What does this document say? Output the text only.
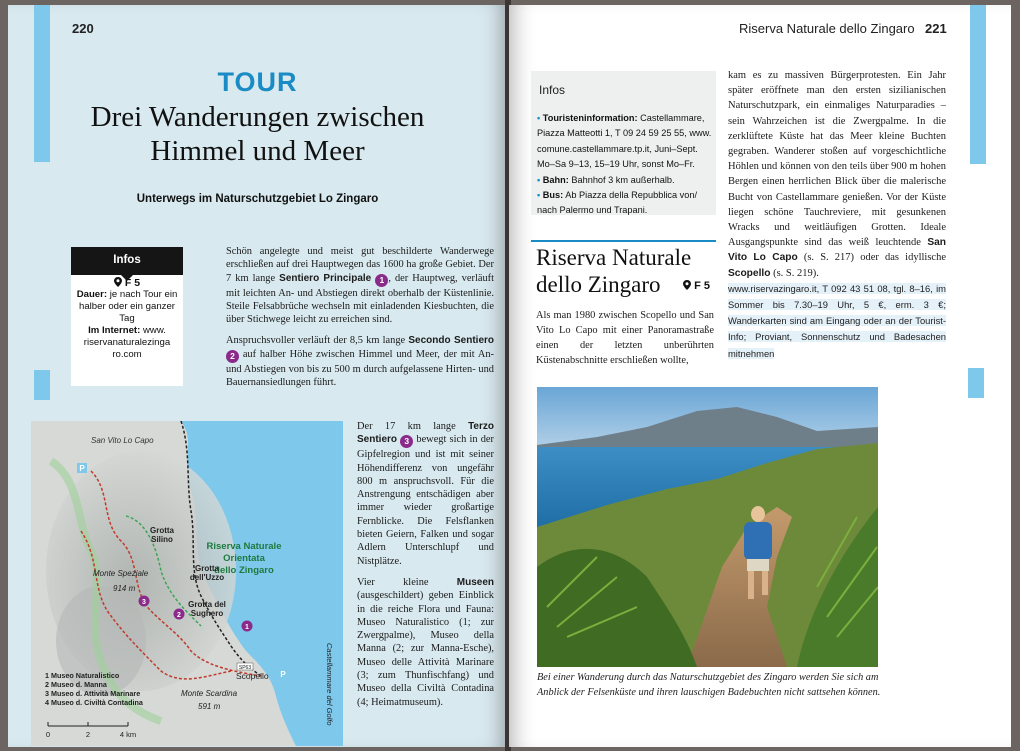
220
TOUR
Drei Wanderungen zwischen
Himmel und Meer
Unterwegs im Naturschutzgebiet Lo Zingaro
Infos
F 5
Dauer: je nach Tour ein halber oder ein ganzer Tag
Im Internet: www. riservanaturalezinga ro.com

Schön angelegte und meist gut beschilderte Wanderwege erschließen auf drei Hauptwegen das 1600 ha große Gebiet. Der 7 km lange Sentiero Principale 1 , der Hauptweg, verläuft mit leichten An- und Abstiegen direkt oberhalb der Küstenlinie. Steile Felsabbrüche wechseln mit einladenden Kiesbuchten, die über Stichwege leicht zu erreichen sind.

Anspruchsvoller verläuft der 8,5 km lange Secondo Sentiero 2 auf halber Höhe zwischen Himmel und Meer, der mit An- und Abstiegen von bis zu 500 m durch aufgelassene Hirten- und Bauernansiedlungen führt.

Der 17 km lange Terzo Sentiero 3 bewegt sich in der Gipfelregion und ist mit seiner Höhendifferenz von ungefähr 800 m anspruchsvoll. Für die Anstrengung entschädigen aber immer wieder großartige Fernblicke. Die Felsflanken bieten Geiern, Falken und sogar Adlern Unterschlupf und Nistplätze.

Vier kleine Museen (ausgeschildert) geben Einblick in die reiche Flora und Fauna: Museo Naturalistico (1; zur Zwergpalme), Museo della Manna (2; zur Manna-Esche), Museo delle Attività Marinare (3; zum Thunfischfang) und Museo della Civiltà Contadina (4; Heimatmuseum).

P
P
San Vito Lo Capo
Riserva Naturale
Orientata
dello Zingaro
Grotta
Silino
Grotta
dell'Uzzo
Grotta del
Sughero
Monte Speziale
914 m
Monte Scardina
591 m
Scopello
SP63	Castellammare del Golfo
1
2
3
1 Museo Naturalistico
2 Museo d. Manna
3 Museo d. Attività Marinare
4 Museo d. Civiltà Contadina
0	2	4 km
Riserva Naturale dello Zingaro 221
Infos
• Touristeninformation: Castellammare, Piazza Matteotti 1, T 09 24 59 25 55, www. comune.castellammare.tp.it, Juni–Sept. Mo–Sa 9–13, 15–19 Uhr, sonst Mo–Fr.
• Bahn: Bahnhof 3 km außerhalb.
• Bus: Ab Piazza della Repubblica von/ nach Palermo und Trapani.
Riserva Naturale
dello Zingaro	F 5
Als man 1980 zwischen Scopello und San Vito Lo Capo mit einer Panoramastraße einen der letzten unberührten Küstenabschnitte erschließen wollte,
kam es zu massiven Bürgerprotesten. Ein Jahr später eröffnete man den ersten sizilianischen Naturschutzpark, ein einmaliges Naturparadies – sein Wahrzeichen ist die Zwergpalme. In die zerklüftete Küste hat das Meer kleine Buchten gegraben. Wanderer stoßen auf vorgeschichtliche Höhlen und können von den teils über 900 m hohen Bergen einen herrlichen Blick über die malerische Bucht von Castellammare genießen. Vor der Küste liegen schöne Tauchreviere, mit gesunkenen Wracks und weitläufigen Grotten. Ideale Ausgangspunkte sind das weiß leuchtende San Vito Lo Capo (s. S. 217) oder das idyllische Scopello (s. S. 219).
www.riservazingaro.it, T 092 43 51 08, tgl. 8–16, im Sommer bis 7.30–19 Uhr, 5 €, erm. 3 €; Wanderkarten sind am Eingang oder an der Tourist-Info; Proviant, Sonnenschutz und Badesachen mitnehmen
Bei einer Wanderung durch das Naturschutzgebiet des Zingaro werden Sie sich am Anblick der Felsenküste und ihren lauschigen Badebuchten nicht sattsehen können.
